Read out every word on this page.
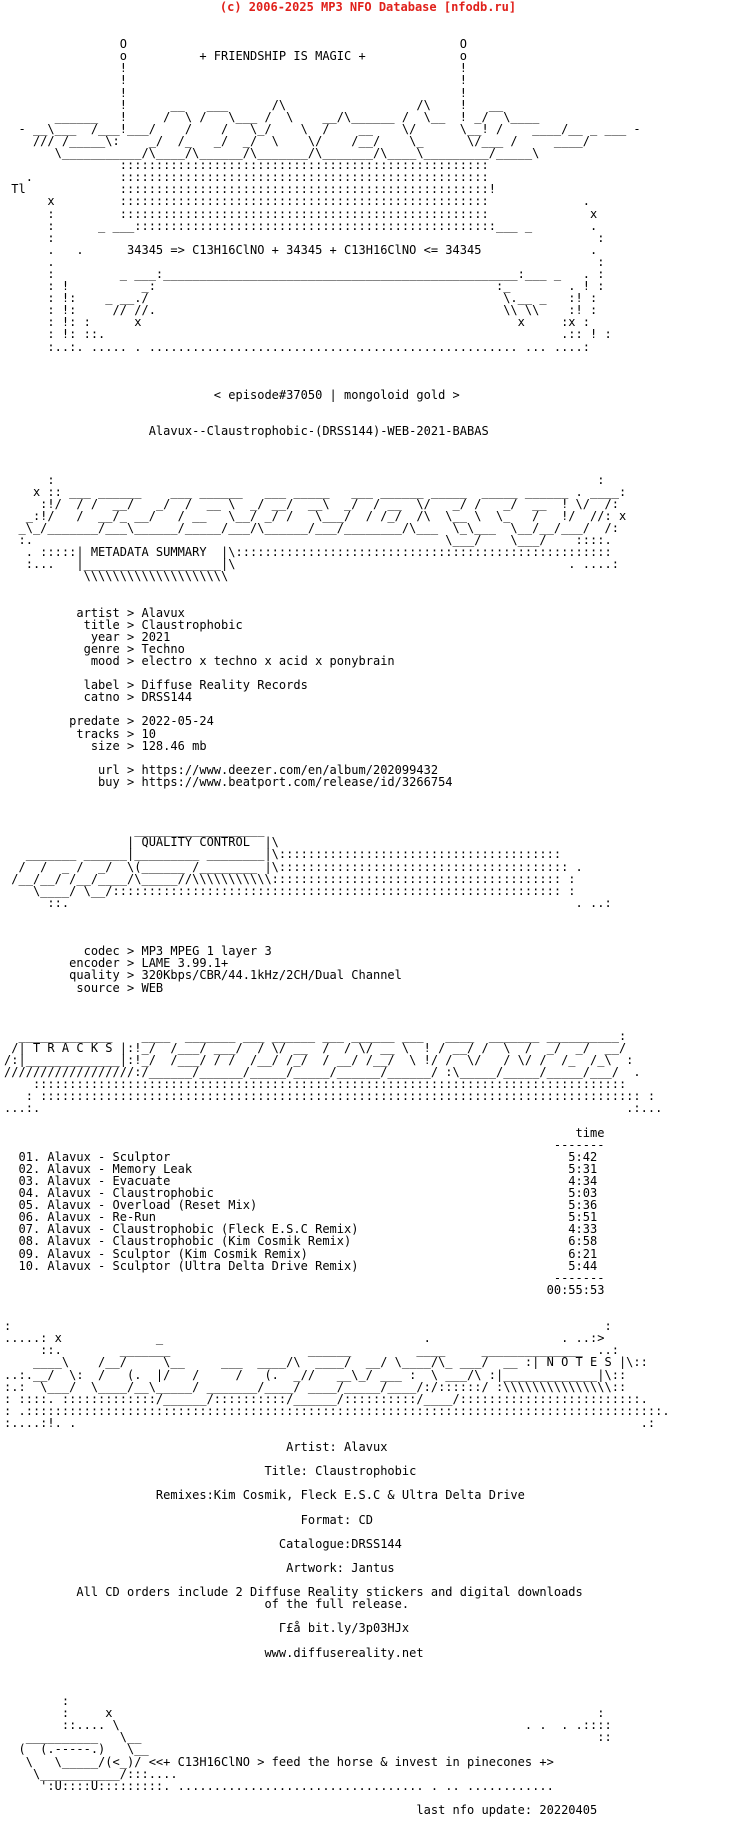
(c) 2006-2025 MP3 NFO Database [nfodb.ru]

O                                              O
o          + FRIENDSHIP IS MAGIC +             o
!                                              !
!                                              !
!                                              !
!      __   ___      /\                  /\    !   __
______   !     /  \ /   \___ /  \    __/\______ /  \__  ! _/  \____
- __\___  /___!___/    /    /   \_/    \  /    __    \/      \__! /    ____/__ _ ___ -
/// /_____\:    _/  /_   _/  _/  \    \/    /__/    \_      \/___ /     ____/
\___________/\____/\______/\_______/\_______/\____\_________/_____\
:::::::::::::::::::::::::::::::::::::::::::::::::::
.            :::::::::::::::::::::::::::::::::::::::::::::::::::
Tl             :::::::::::::::::::::::::::::::::::::::::::::::::::!
x         :::::::::::::::::::::::::::::::::::::::::::::::::::             .
:         :::::::::::::::::::::::::::::::::::::::::::::::::::              x
:      _ ___::::::::::::::::::::::::::::::::::::::::::::::::::___ _        .
:                                                                           :
.   .      34345 => C13H16ClNO + 34345 + C13H16ClNO <= 34345               .
.                                                                           :
:         _ ___:_________________________________________________:___ _   . :
: !          _:                                               :_        . ! :
: !:    _ __./                                                 \.__ _   :! :
: !:     // //.                                                \\ \\    :! :
: !: :      x                                                    x     :x :
: !: ::.                                                               .:: ! :
:..:. ..... . ................................................... ... ....:

< episode#37050 | mongoloid gold >

Alavux--Claustrophobic-(DRSS144)-WEB-2021-BABAS

:                                                                           :
x :: ___ ______    ___ ______   ___ _____   ___ ______ _____  _____ ______ . ____:
:!/  / /  __/   _/  /  __ \  _/ __/  __\  _/  / __  \/   _/ /   _/  __  ! \/  /:
_:!/   /  __/_ __/   / __   \__/ _/ /   \___/  / /_/  /\  \__ \  \_   /   !/  //: x
_\_/_______/___\______/_____/___/\______/___/________/\___  \_\___  \__/__/___/  /:
:.                                                         \___/    \___/    ::::.
. :::::| METADATA SUMMARY  |\::::::::::::::::::::::::::::::::::::::::::::::::::::
:...   |___________________|\                                              . ....:
\\\\\\\\\\\\\\\\\\\\

artist > Alavux
title > Claustrophobic
year > 2021
genre > Techno
mood > electro x techno x acid x ponybrain

label > Diffuse Reality Records
catno > DRSS144

predate > 2022-05-24
tracks > 10
size > 128.46 mb

url > https://www.deezer.com/en/album/202099432
buy > https://www.beatport.com/release/id/3266754

__________________
| QUALITY CONTROL  |\
_______ ______|_________ ________|\:::::::::::::::::::::::::::::::::::::::
/  /  _ /  _/  \(______ /________ |\:::::::::::::::::::::::::::::::::::::::: .
/__/__/ /__/____/\_____//\\\\\\\\\\\:::::::::::::::::::::::::::::::::::::::: :
\____/ \__/:::::::::::::::::::::::::::::::::::::::::::::::::::::::::::::: :
::.                                                                      . ..:

codec > MP3 MPEG 1 layer 3
encoder > LAME 3.99.1+
quality > 320Kbps/CBR/44.1kHz/2CH/Dual Channel
source > WEB

_____________    ____  _______ ___ ______ ___ ______ ___   ____  _______ __________:
/| T R A C K S |:!_/  /___/ ___/  / \/ __  /  / \/ __ \  ! / __/ /  \  /  _/  _/  __/
/:|_____________|:!_/  /___/ / /  /__/ /_/  / __/ /__/  \ !/ /  \/   / \/ /  /_  /_\  :
//////////////////:/______/______/_____/_____/______/______/ :\_____/_____/_____/___/  .
::::::::::::::::::::::::::::::::::::::::::::::::::::::::::::::::::::::::::::::::::
: ::::::::::::::::::::::::::::::::::::::::::::::::::::::::::::::::::::::::::::::::::: :
...:.                                                                                 .:...

time
-------
01. Alavux - Sculptor                                                       5:42
02. Alavux - Memory Leak                                                    5:31
03. Alavux - Evacuate                                                       4:34
04. Alavux - Claustrophobic                                                 5:03
05. Alavux - Overload (Reset Mix)                                           5:36
06. Alavux - Re-Run                                                         5:51
07. Alavux - Claustrophobic (Fleck E.S.C Remix)                             4:33
08. Alavux - Claustrophobic (Kim Cosmik Remix)                              6:58
09. Alavux - Sculptor (Kim Cosmik Remix)                                    6:21
10. Alavux - Sculptor (Ultra Delta Drive Remix)                             5:44
-------
00:55:53

:                                                                                  :
.....: x             _                                    .                  . ..:>
::.        _______                   ______         ____     ______________  ..:
____\    /__/     \__     ___  ____/\  ____/  __/ \____/\_ ___/  __ :| N O T E S |\::
..:.__/  \:  /   (.  |/   /     /   (.  _//   __\_/ ___ :  \ ___/\ :|_____________|\::
:.:  \___/  \____/__\_____/ _______/____/ ____/_____/____/:/::::::/ :\\\\\\\\\\\\\\\::
: ::::. :::::::::::::/______/::::::::::/______/::::::::::/____/:::::::::::::::::::::::::.
: .::::::::::::::::::::::::::::::::::::::::::::::::::::::::::::::::::::::::::::::::::::::::.
:....:!. .                                                                              .:

Artist: Alavux

Title: Claustrophobic

Remixes:Kim Cosmik, Fleck E.S.C & Ultra Delta Drive

Format: CD

Catalogue:DRSS144

Artwork: Jantus

All CD orders include 2 Diffuse Reality stickers and digital downloads
of the full release.

Γ£å bit.ly/3p03HJx

www.diffusereality.net

:
:     x                                                                   :
::.... \                                                        . .  . .::::
__________   \__                                                               ::
(  (.-----.)   \__
\   \_____/(<_)/ <<+ C13H16ClNO > feed the horse & invest in pinecones +>
\___________/:::....
':U::::U:::::::::. .................................. . .. ............

last nfo update: 20220405
